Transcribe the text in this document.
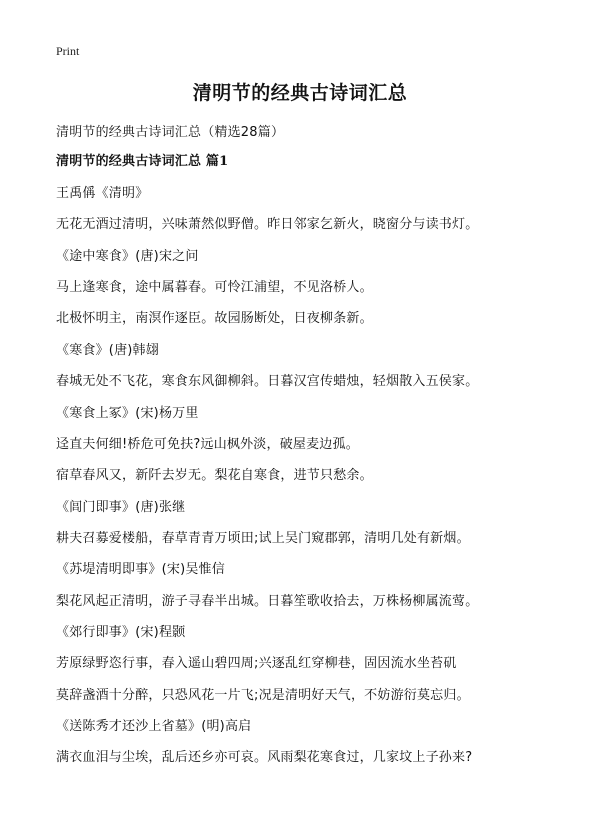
Print
清明节的经典古诗词汇总
清明节的经典古诗词汇总（精选28篇）
清明节的经典古诗词汇总 篇1
王禹偁《清明》
无花无酒过清明，兴味萧然似野僧。昨日邻家乞新火，晓窗分与读书灯。
《途中寒食》(唐)宋之问
马上逢寒食，途中属暮春。可怜江浦望，不见洛桥人。
北极怀明主，南溟作逐臣。故园肠断处，日夜柳条新。
《寒食》(唐)韩翃
春城无处不飞花，寒食东风御柳斜。日暮汉宫传蜡烛，轻烟散入五侯家。
《寒食上冢》(宋)杨万里
迳直夫何细!桥危可免扶?远山枫外淡，破屋麦边孤。
宿草春风又，新阡去岁无。梨花自寒食，进节只愁余。
《闾门即事》(唐)张继
耕夫召募爱楼船，春草青青万顷田;试上吴门窥郡郭，清明几处有新烟。
《苏堤清明即事》(宋)吴惟信
梨花风起正清明，游子寻春半出城。日暮笙歌收拾去，万株杨柳属流莺。
《郊行即事》(宋)程颢
芳原绿野恣行事，春入遥山碧四周;兴逐乱红穿柳巷，固因流水坐苔矶
莫辞盏酒十分醉，只恐风花一片飞;况是清明好天气，不妨游衍莫忘归。
《送陈秀才还沙上省墓》(明)高启
满衣血泪与尘埃，乱后还乡亦可哀。风雨梨花寒食过，几家坟上子孙来?
